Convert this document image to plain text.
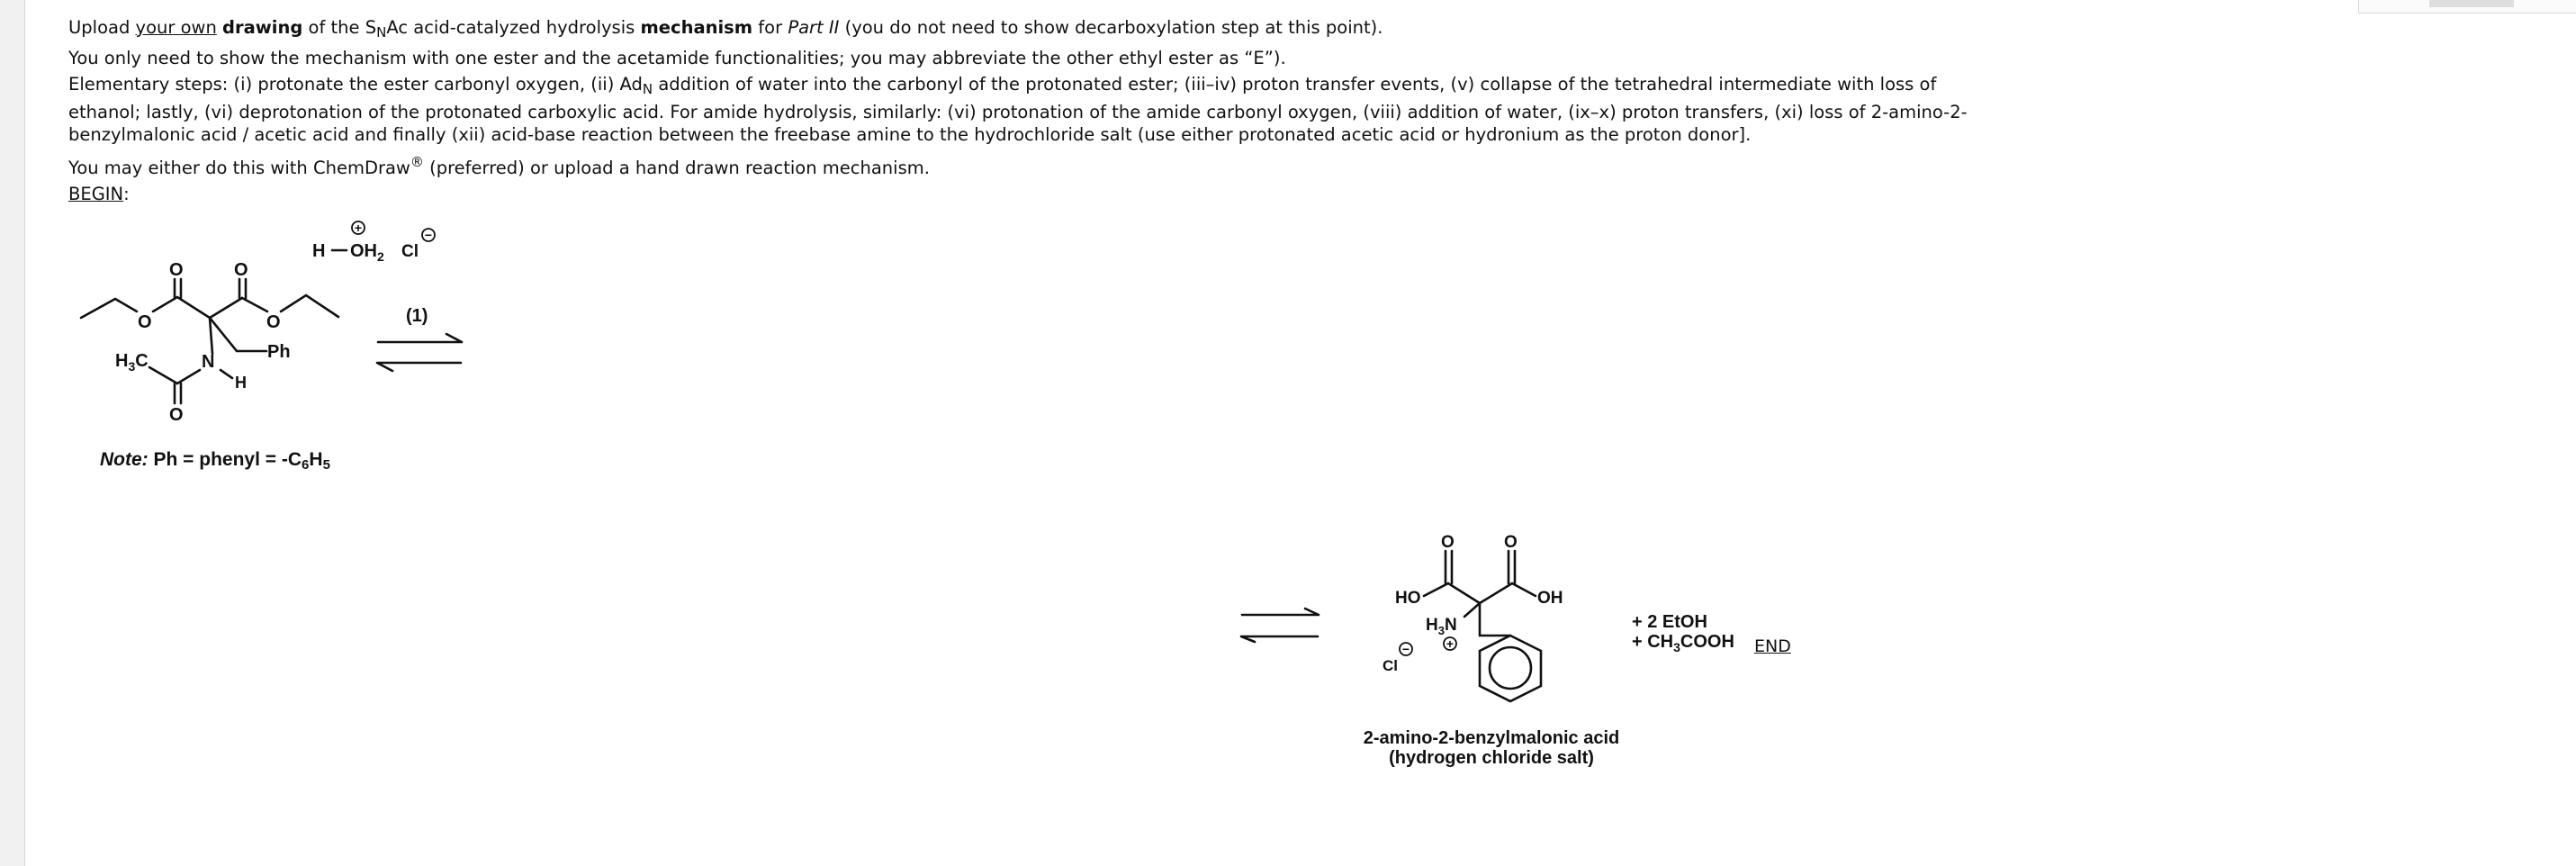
Upload your own drawing of the $S_NAc$ acid-catalyzed hydrolysis mechanism for Part II (you do not need to show decarboxylation step at this point).

You only need to show the mechanism with one ester and the acetamide functionalities; you may abbreviate the other ethyl ester as “E”).

Elementary steps: (i) protonate the ester carbonyl oxygen, (ii) $Ad_N$ addition of water into the carbonyl of the protonated ester; (iii–iv) proton transfer events, (v) collapse of the tetrahedral intermediate with loss of ethanol; lastly, (vi) deprotonation of the protonated carboxylic acid. For amide hydrolysis, similarly: (vi) protonation of the amide carbonyl oxygen, (viii) addition of water, (ix–x) proton transfers, (xi) loss of 2-amino-2-benzylmalonic acid / acetic acid and finally (xii) acid-base reaction between the freebase amine to the hydrochloride salt (use either protonated acetic acid or hydronium as the proton donor].

You may either do this with ChemDraw® (preferred) or upload a hand drawn reaction mechanism.

BEGIN:

O	O
O	O
$H_3C$	N
H
Ph
O
H $OH_2$
+
Cl
−
(1)
O	O
HO	OH
$H_3N$
+
−
Cl
2-amino-2-benzylmalonic acid
(hydrogen chloride salt)
+ 2 EtOH
+ $CH_3COOH$
Note: Ph = phenyl = $-C_6H_5$
END
